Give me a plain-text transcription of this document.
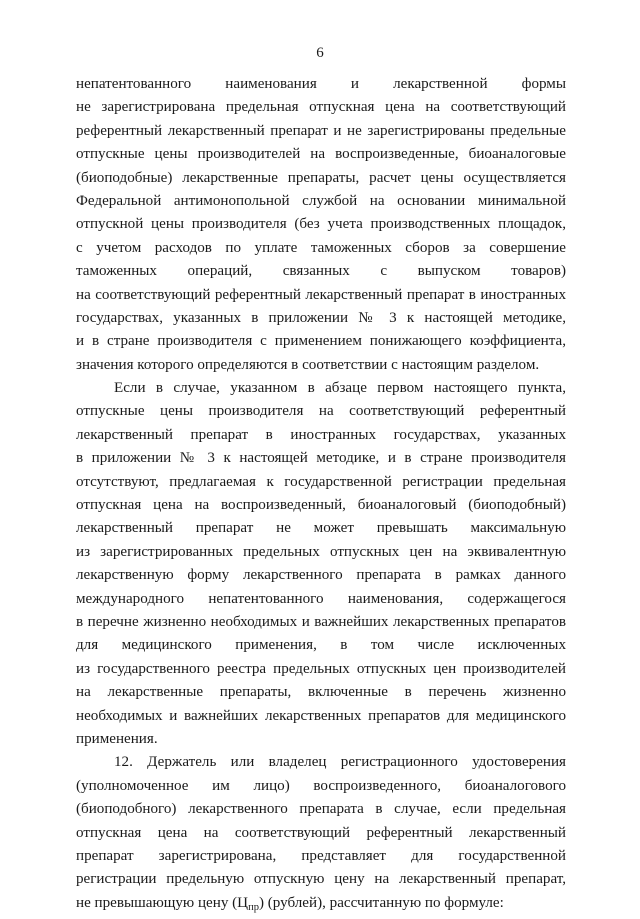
6
непатентованного наименования и лекарственной формы
не зарегистрирована предельная отпускная цена на соответствующий
референтный лекарственный препарат и не зарегистрированы предельные
отпускные цены производителей на воспроизведенные, биоаналоговые
(биоподобные) лекарственные препараты, расчет цены осуществляется
Федеральной антимонопольной службой на основании минимальной
отпускной цены производителя (без учета производственных площадок,
с учетом расходов по уплате таможенных сборов за совершение
таможенных операций, связанных с выпуском товаров)
на соответствующий референтный лекарственный препарат в иностранных
государствах, указанных в приложении № 3 к настоящей методике,
и в стране производителя с применением понижающего коэффициента,
значения которого определяются в соответствии с настоящим разделом.
Если в случае, указанном в абзаце первом настоящего пункта,
отпускные цены производителя на соответствующий референтный
лекарственный препарат в иностранных государствах, указанных
в приложении № 3 к настоящей методике, и в стране производителя
отсутствуют, предлагаемая к государственной регистрации предельная
отпускная цена на воспроизведенный, биоаналоговый (биоподобный)
лекарственный препарат не может превышать максимальную
из зарегистрированных предельных отпускных цен на эквивалентную
лекарственную форму лекарственного препарата в рамках данного
международного непатентованного наименования, содержащегося
в перечне жизненно необходимых и важнейших лекарственных препаратов
для медицинского применения, в том числе исключенных
из государственного реестра предельных отпускных цен производителей
на лекарственные препараты, включенные в перечень жизненно
необходимых и важнейших лекарственных препаратов для медицинского
применения.
12. Держатель или владелец регистрационного удостоверения
(уполномоченное им лицо) воспроизведенного, биоаналогового
(биоподобного) лекарственного препарата в случае, если предельная
отпускная цена на соответствующий референтный лекарственный
препарат зарегистрирована, представляет для государственной
регистрации предельную отпускную цену на лекарственный препарат,
не превышающую цену $(Ц_{пр})$ (рублей), рассчитанную по формуле:
